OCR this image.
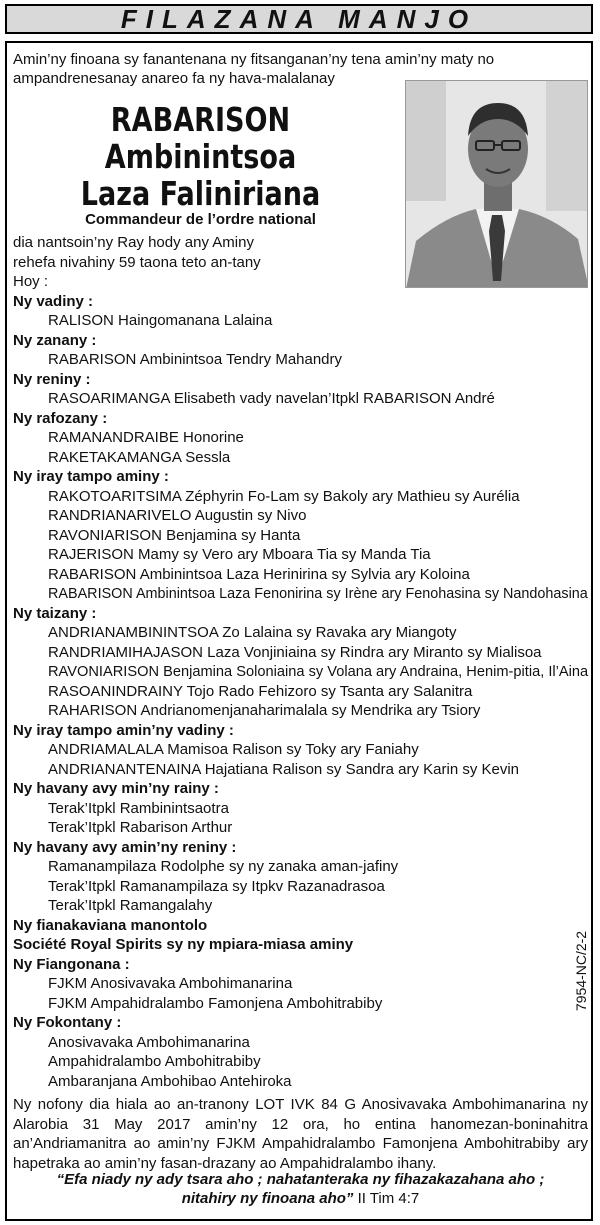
FILAZANA MANJO
Amin’ny finoana sy fanantenana ny fitsanganan’ny tena amin’ny maty no ampandrenesanay anareo fa ny hava-malalanay
RABARISON
Ambinintsoa
Laza Faliniriana
Commandeur de l’ordre national
dia nantsoin’ny Ray hody any Aminy
rehefa nivahiny 59 taona teto an-tany
Hoy :
Ny vadiny :
RALISON Haingomanana Lalaina
Ny zanany :
RABARISON Ambinintsoa Tendry Mahandry
Ny reniny :
RASOARIMANGA Elisabeth vady navelan’Itpkl RABARISON André
Ny rafozany :
RAMANANDRAIBE Honorine
RAKETAKAMANGA Sessla
Ny iray tampo aminy :
RAKOTOARITSIMA Zéphyrin Fo-Lam sy Bakoly ary Mathieu sy Aurélia
RANDRIANARIVELO Augustin sy Nivo
RAVONIARISON Benjamina sy Hanta
RAJERISON Mamy sy Vero ary Mboara Tia sy Manda Tia
RABARISON Ambinintsoa Laza Herinirina sy Sylvia ary Koloina
RABARISON Ambinintsoa Laza Fenonirina sy Irène ary Fenohasina sy Nandohasina
Ny taizany :
ANDRIANAMBININTSOA Zo Lalaina sy Ravaka ary Miangoty
RANDRIAMIHAJASON Laza Vonjiniaina sy Rindra ary Miranto sy Mialisoa
RAVONIARISON Benjamina Soloniaina sy Volana ary Andraina, Henim-pitia, Il’Aina
RASOANINDRAINY Tojo Rado Fehizoro sy Tsanta ary Salanitra
RAHARISON Andrianomenjanaharimalala sy Mendrika ary Tsiory
Ny iray tampo amin’ny vadiny :
ANDRIAMALALA Mamisoa Ralison sy Toky ary Faniahy
ANDRIANANTENAINA Hajatiana Ralison sy Sandra ary Karin sy Kevin
Ny havany avy min’ny rainy :
Terak’Itpkl Rambinintsaotra
Terak’Itpkl Rabarison Arthur
Ny havany avy amin’ny reniny :
Ramanampilaza Rodolphe sy ny zanaka aman-jafiny
Terak’Itpkl Ramanampilaza sy Itpkv Razanadrasoa
Terak’Itpkl Ramangalahy
Ny fianakaviana manontolo
Société Royal Spirits sy ny mpiara-miasa aminy
Ny Fiangonana :
FJKM Anosivavaka Ambohimanarina
FJKM Ampahidralambo Famonjena Ambohitrabiby
Ny Fokontany :
Anosivavaka Ambohimanarina
Ampahidralambo Ambohitrabiby
Ambaranjana Ambohibao Antehiroka
7954-NC/2-2
Ny nofony dia hiala ao an-tranony LOT IVK 84 G Anosivavaka Ambohimanarina ny Alarobia 31 May 2017 amin’ny 12 ora, ho entina hanomezan-boninahitra an’Andriamanitra ao amin’ny FJKM Ampahidralambo Famonjena Ambohitrabiby ary hapetraka ao amin’ny fasan-drazany ao Ampahidralambo ihany.
“Efa niady ny ady tsara aho ; nahatanteraka ny fihazakazahana aho ;
nitahiry ny finoana aho” II Tim 4:7
